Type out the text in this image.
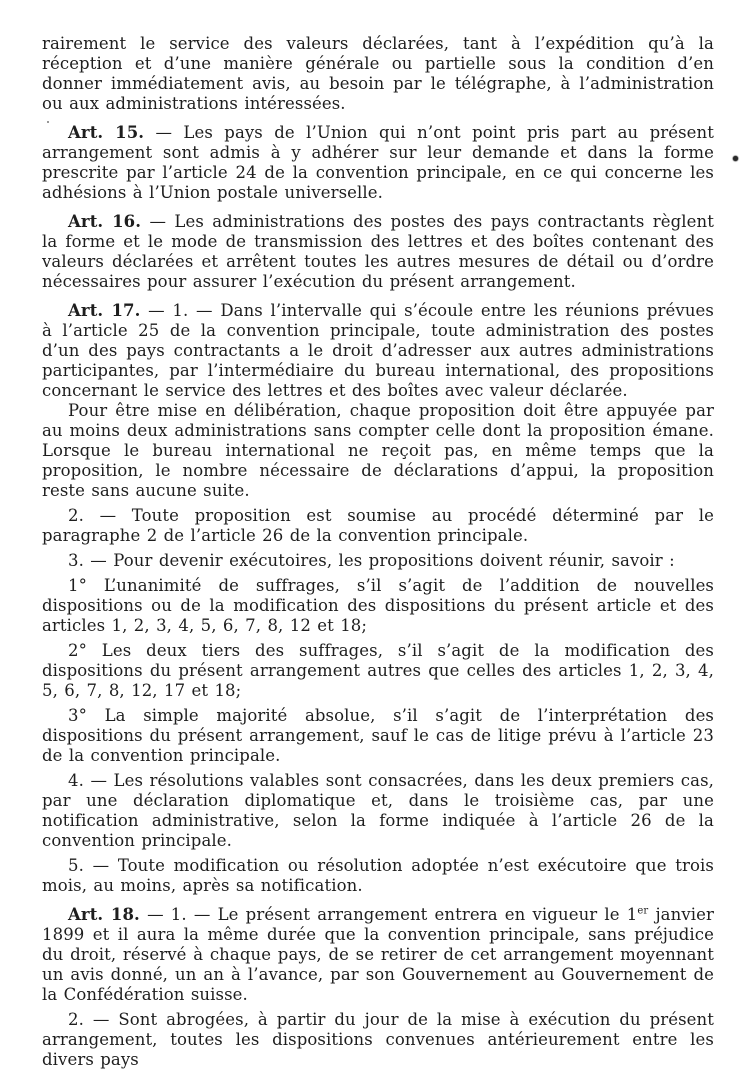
rairement le service des valeurs déclarées, tant à l’expédition qu’à la réception et d’une manière générale ou partielle sous la condition d’en donner immédiatement avis, au besoin par le télégraphe, à l’administration ou aux administrations intéressées.

Art. 15. — Les pays de l’Union qui n’ont point pris part au présent arrangement sont admis à y adhérer sur leur demande et dans la forme prescrite par l’article 24 de la convention principale, en ce qui concerne les adhésions à l’Union postale universelle.

Art. 16. — Les administrations des postes des pays contractants règlent la forme et le mode de transmission des lettres et des boîtes contenant des valeurs déclarées et arrêtent toutes les autres mesures de détail ou d’ordre nécessaires pour assurer l’exécution du présent arrangement.

Art. 17. — 1. — Dans l’intervalle qui s’écoule entre les réunions prévues à l’article 25 de la convention principale, toute administration des postes d’un des pays contractants a le droit d’adresser aux autres administrations participantes, par l’intermédiaire du bureau international, des propositions concernant le service des lettres et des boîtes avec valeur déclarée.

Pour être mise en délibération, chaque proposition doit être appuyée par au moins deux administrations sans compter celle dont la proposition émane. Lorsque le bureau international ne reçoit pas, en même temps que la proposition, le nombre nécessaire de déclarations d’appui, la proposition reste sans aucune suite.

2. — Toute proposition est soumise au procédé déterminé par le paragraphe 2 de l’article 26 de la convention principale.

3. — Pour devenir exécutoires, les propositions doivent réunir, savoir :

1° L’unanimité de suffrages, s’il s’agit de l’addition de nouvelles dispositions ou de la modification des dispositions du présent article et des articles 1, 2, 3, 4, 5, 6, 7, 8, 12 et 18;

2° Les deux tiers des suffrages, s’il s’agit de la modification des dispositions du présent arrangement autres que celles des articles 1, 2, 3, 4, 5, 6, 7, 8, 12, 17 et 18;

3° La simple majorité absolue, s’il s’agit de l’interprétation des dispositions du présent arrangement, sauf le cas de litige prévu à l’article 23 de la convention principale.

4. — Les résolutions valables sont consacrées, dans les deux premiers cas, par une déclaration diplomatique et, dans le troisième cas, par une notification administrative, selon la forme indiquée à l’article 26 de la convention principale.

5. — Toute modification ou résolution adoptée n’est exécutoire que trois mois, au moins, après sa notification.

Art. 18. — 1. — Le présent arrangement entrera en vigueur le 1er janvier 1899 et il aura la même durée que la convention principale, sans préjudice du droit, réservé à chaque pays, de se retirer de cet arrangement moyennant un avis donné, un an à l’avance, par son Gouvernement au Gouvernement de la Confédération suisse.

2. — Sont abrogées, à partir du jour de la mise à exécution du présent arrangement, toutes les dispositions convenues antérieurement entre les divers pays
